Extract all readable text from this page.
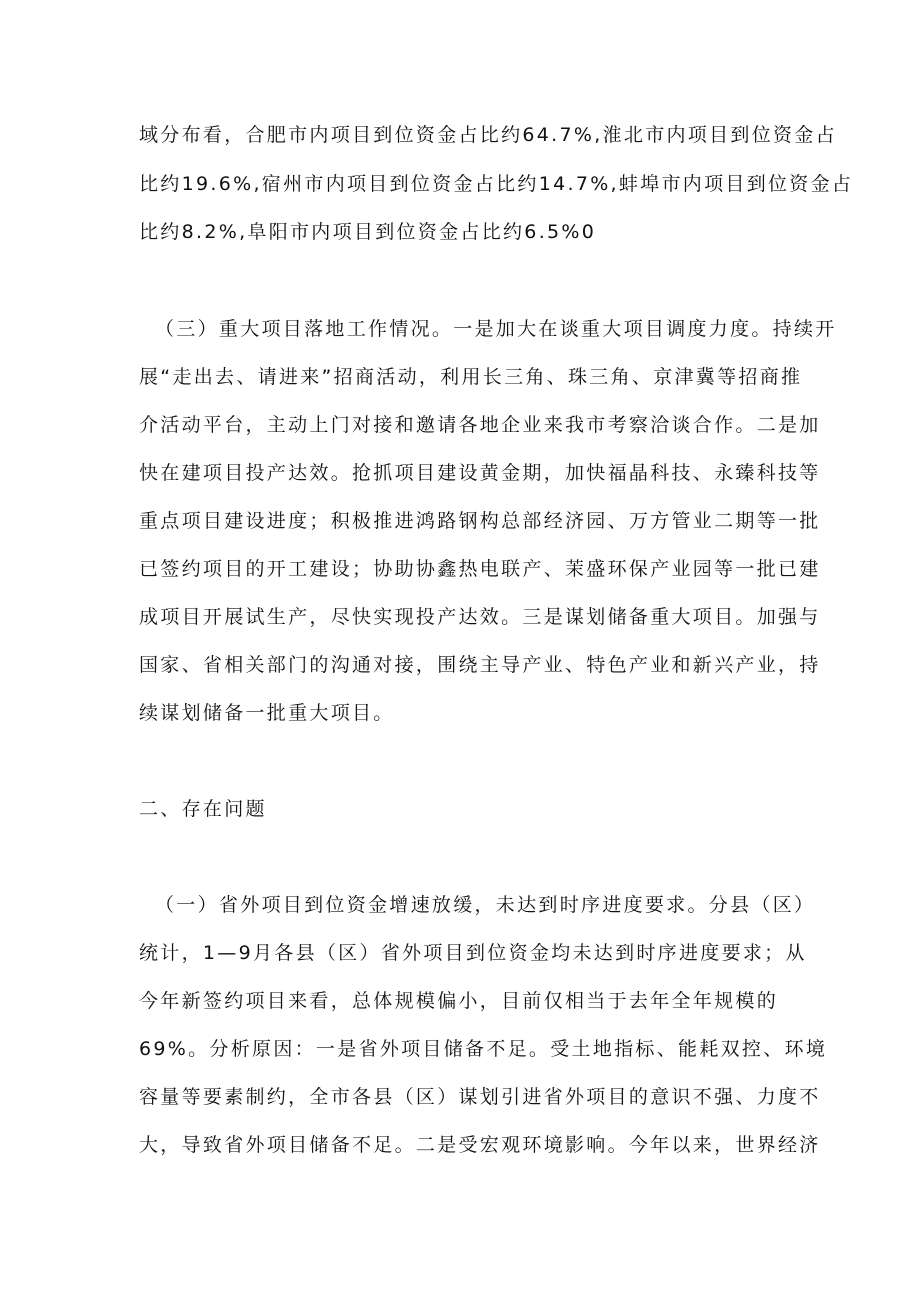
域分布看，合肥市内项目到位资金占比约64.7%,淮北市内项目到位资金占
比约19.6%,宿州市内项目到位资金占比约14.7%,蚌埠市内项目到位资金占
比约8.2%,阜阳市内项目到位资金占比约6.5%0
（三）重大项目落地工作情况。一是加大在谈重大项目调度力度。持续开
展“走出去、请进来”招商活动，利用长三角、珠三角、京津冀等招商推
介活动平台，主动上门对接和邀请各地企业来我市考察洽谈合作。二是加
快在建项目投产达效。抢抓项目建设黄金期，加快福晶科技、永臻科技等
重点项目建设进度；积极推进鸿路钢构总部经济园、万方管业二期等一批
已签约项目的开工建设；协助协鑫热电联产、茉盛环保产业园等一批已建
成项目开展试生产，尽快实现投产达效。三是谋划储备重大项目。加强与
国家、省相关部门的沟通对接，围绕主导产业、特色产业和新兴产业，持
续谋划储备一批重大项目。
二、存在问题
（一）省外项目到位资金增速放缓，未达到时序进度要求。分县（区）
统计，1—9月各县（区）省外项目到位资金均未达到时序进度要求；从
今年新签约项目来看，总体规模偏小，目前仅相当于去年全年规模的
69%。分析原因：一是省外项目储备不足。受土地指标、能耗双控、环境
容量等要素制约，全市各县（区）谋划引进省外项目的意识不强、力度不
大，导致省外项目储备不足。二是受宏观环境影响。今年以来，世界经济
